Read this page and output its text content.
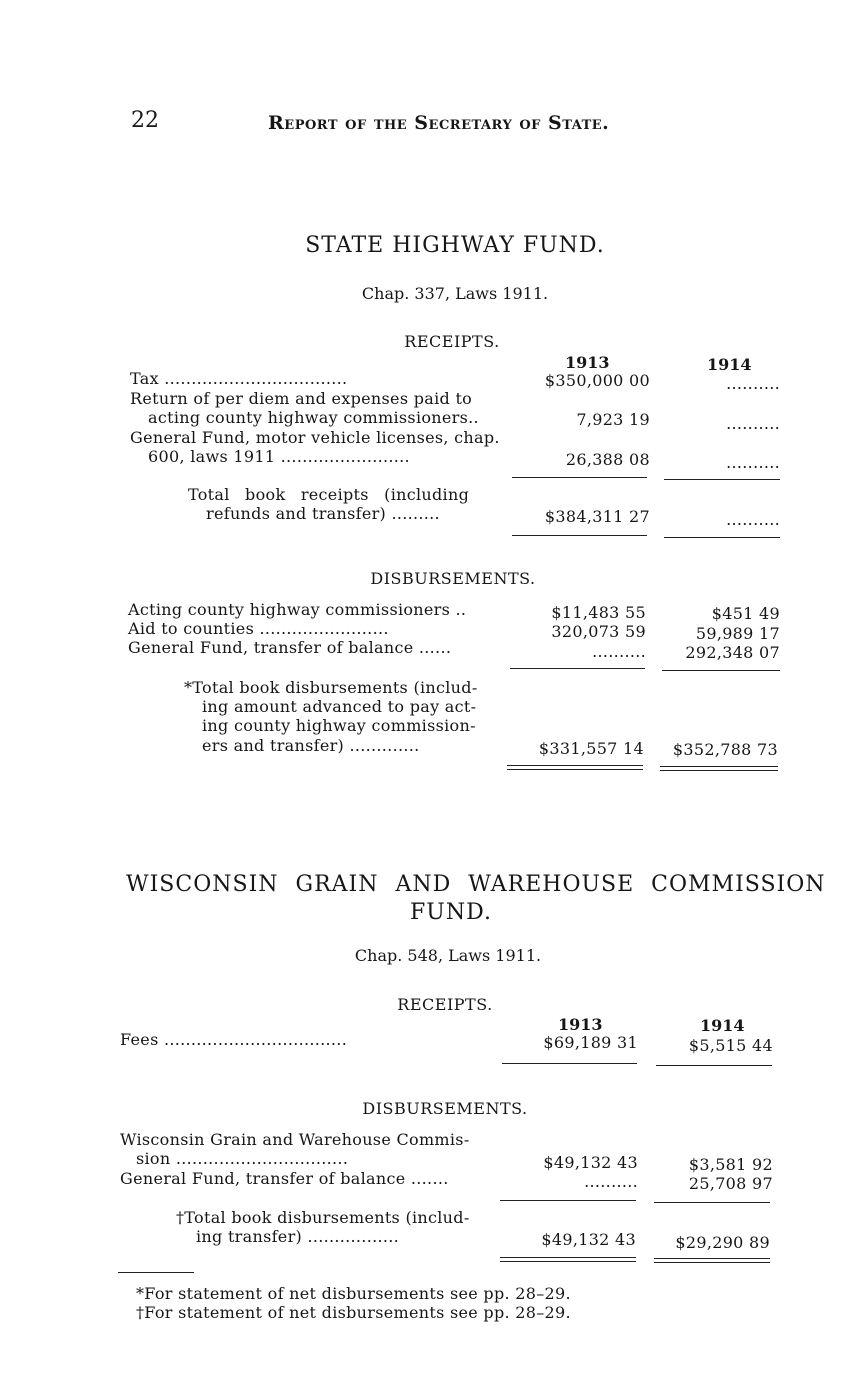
22	Report of the Secretary of State.
STATE HIGHWAY FUND.
Chap. 337, Laws 1911.
RECEIPTS.
1913	1914
Tax ..................................	$350,000 00	..........
Return of per diem and expenses paid to
acting county highway commissioners..	7,923 19	..........
General Fund, motor vehicle licenses, chap.
600, laws 1911 ........................	26,388 08	..........
Total book receipts (including
refunds and transfer) .........	$384,311 27	..........
DISBURSEMENTS.
Acting county highway commissioners ..	$11,483 55	$451 49
Aid to counties ........................	320,073 59	59,989 17
General Fund, transfer of balance ......	..........	292,348 07
*Total book disbursements (includ-
ing amount advanced to pay act-
ing county highway commission-
ers and transfer) .............	$331,557 14	$352,788 73
WISCONSIN GRAIN AND WAREHOUSE COMMISSION
FUND.
Chap. 548, Laws 1911.
RECEIPTS.
1913	1914
Fees ..................................	$69,189 31	$5,515 44
DISBURSEMENTS.
Wisconsin Grain and Warehouse Commis-
sion ................................	$49,132 43	$3,581 92
General Fund, transfer of balance .......	..........	25,708 97
†Total book disbursements (includ-
ing transfer) .................	$49,132 43	$29,290 89
*For statement of net disbursements see pp. 28–29.
†For statement of net disbursements see pp. 28–29.
